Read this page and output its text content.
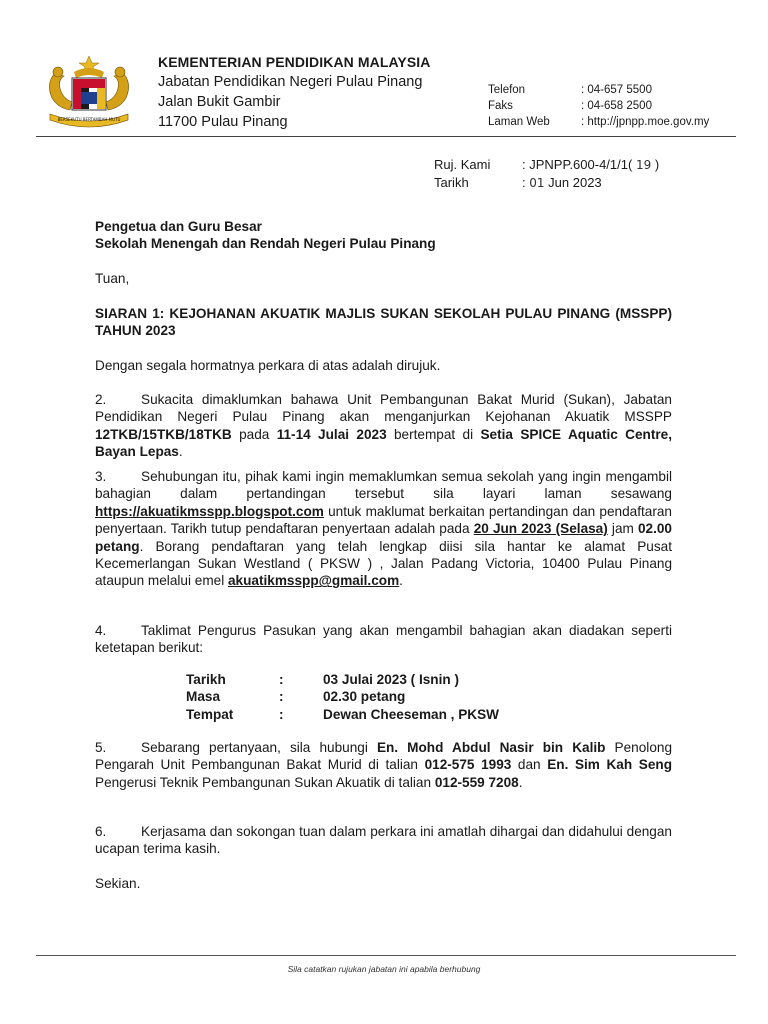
BERSEKUTU BERTAMBAH MUTU
KEMENTERIAN PENDIDIKAN MALAYSIA
Jabatan Pendidikan Negeri Pulau Pinang
Jalan Bukit Gambir
11700 Pulau Pinang
Telefon	: 04-657 5500
Faks	: 04-658 2500
Laman Web	: http://jpnpp.moe.gov.my
Ruj. Kami	: JPNPP.600-4/1/1( 19 )
Tarikh	: 01 Jun 2023
Pengetua dan Guru Besar
Sekolah Menengah dan Rendah Negeri Pulau Pinang
Tuan,
SIARAN 1: KEJOHANAN AKUATIK MAJLIS SUKAN SEKOLAH PULAU PINANG (MSSPP) TAHUN 2023
Dengan segala hormatnya perkara di atas adalah dirujuk.
2.	Sukacita dimaklumkan bahawa Unit Pembangunan Bakat Murid (Sukan), Jabatan Pendidikan Negeri Pulau Pinang akan menganjurkan Kejohanan Akuatik MSSPP 12TKB/15TKB/18TKB pada 11-14 Julai 2023 bertempat di Setia SPICE Aquatic Centre, Bayan Lepas.
3.	Sehubungan itu, pihak kami ingin memaklumkan semua sekolah yang ingin mengambil bahagian dalam pertandingan tersebut sila layari laman sesawang https://akuatikmsspp.blogspot.com untuk maklumat berkaitan pertandingan dan pendaftaran penyertaan. Tarikh tutup pendaftaran penyertaan adalah pada 20 Jun 2023 (Selasa) jam 02.00 petang. Borang pendaftaran yang telah lengkap diisi sila hantar ke alamat Pusat Kecemerlangan Sukan Westland ( PKSW ) , Jalan Padang Victoria, 10400 Pulau Pinang ataupun melalui emel akuatikmsspp@gmail.com.
4.	Taklimat Pengurus Pasukan yang akan mengambil bahagian akan diadakan seperti ketetapan berikut:
Tarikh	:	03 Julai 2023 ( Isnin )
Masa	:	02.30 petang
Tempat	:	Dewan Cheeseman , PKSW
5.	Sebarang pertanyaan, sila hubungi En. Mohd Abdul Nasir bin Kalib Penolong Pengarah Unit Pembangunan Bakat Murid di talian 012-575 1993 dan En. Sim Kah Seng Pengerusi Teknik Pembangunan Sukan Akuatik di talian 012-559 7208.
6.	Kerjasama dan sokongan tuan dalam perkara ini amatlah dihargai dan didahului dengan ucapan terima kasih.
Sekian.
Sila catatkan rujukan jabatan ini apabila berhubung
